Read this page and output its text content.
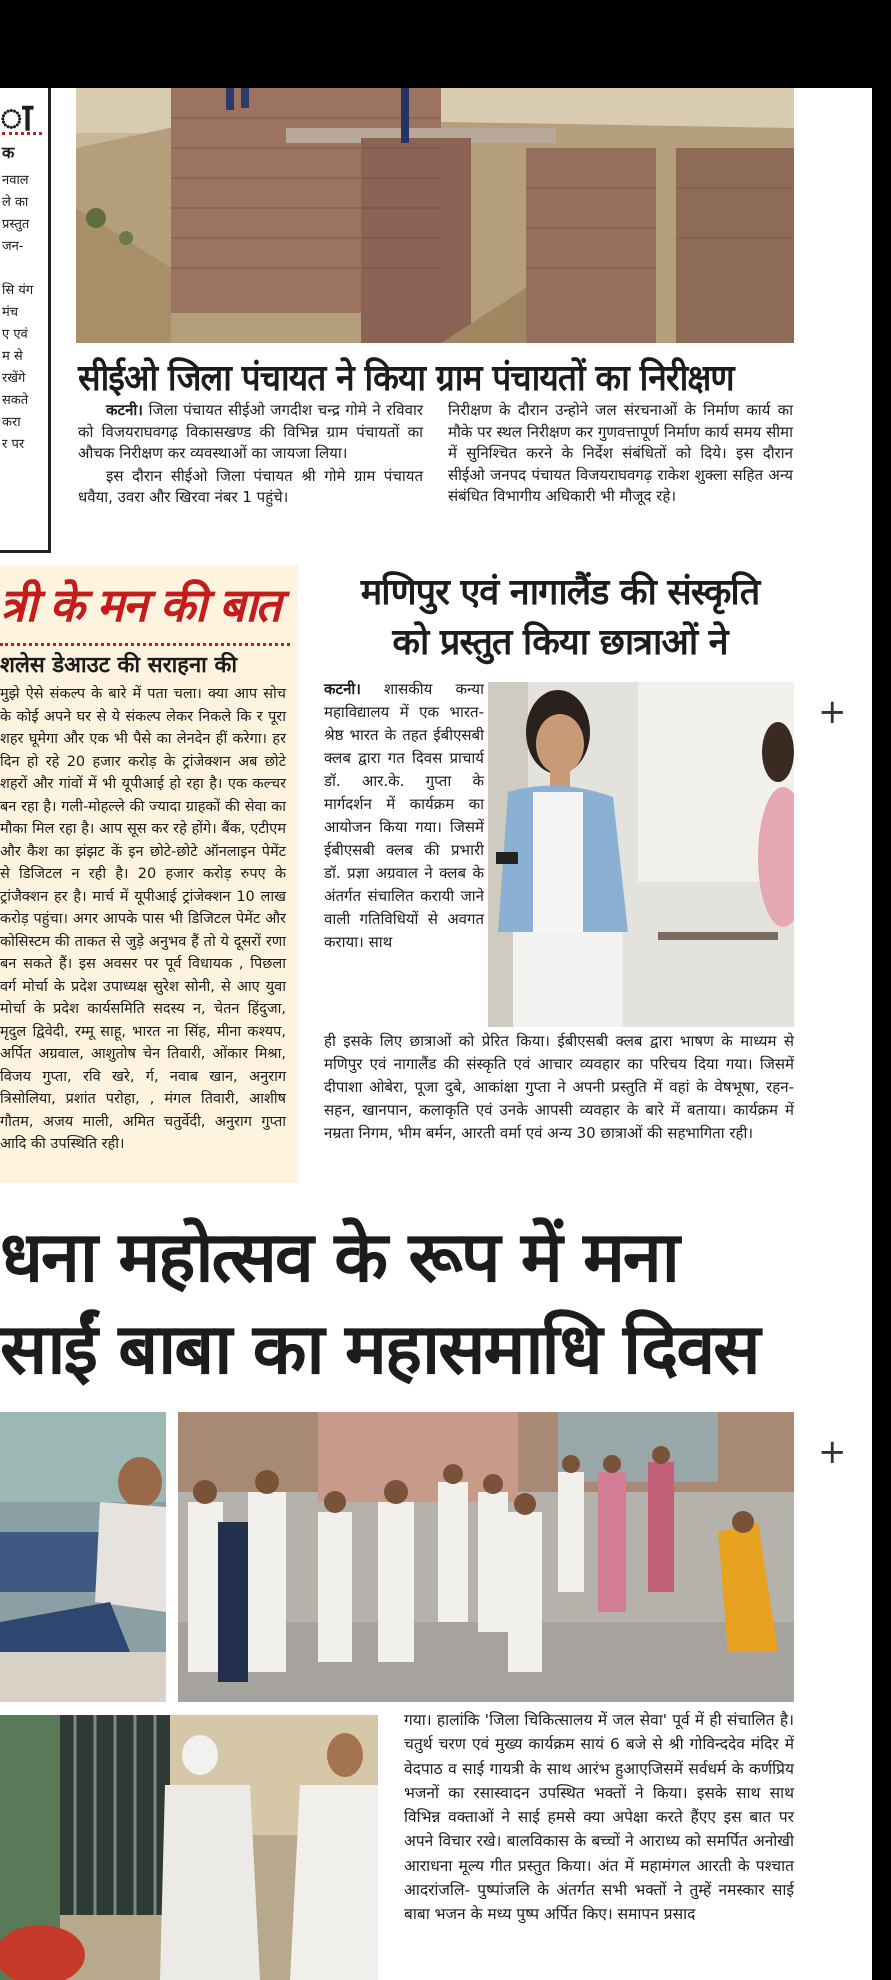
ा
क
नवाल
ले का
प्रस्तुत
जन-
सि यंग
मंच
ए एवं
म से
रखेंगे
सकते
करा
र पर
सीईओ जिला पंचायत ने किया ग्राम पंचायतों का निरीक्षण
कटनी। जिला पंचायत सीईओ जगदीश चन्द्र गोमे ने रविवार को विजयराघवगढ़ विकासखण्ड की विभिन्न ग्राम पंचायतों का औचक निरीक्षण कर व्यवस्थाओं का जायजा लिया।
इस दौरान सीईओ जिला पंचायत श्री गोमे ग्राम पंचायत धवैया, उवरा और खिरवा नंबर 1 पहुंचे।
निरीक्षण के दौरान उन्होने जल संरचनाओं के निर्माण कार्य का मौके पर स्थल निरीक्षण कर गुणवत्तापूर्ण निर्माण कार्य समय सीमा में सुनिश्चित करने के निर्देश संबंधितों को दिये। इस दौरान सीईओ जनपद पंचायत विजयराघवगढ़ राकेश शुक्ला सहित अन्य संबंधित विभागीय अधिकारी भी मौजूद रहे।
त्री के मन की बात
शलेस डेआउट की सराहना की
मुझे ऐसे संकल्प के बारे में पता चला। क्या आप सोच के कोई अपने घर से ये संकल्प लेकर निकले कि र पूरा शहर घूमेगा और एक भी पैसे का लेनदेन हीं करेगा। हर दिन हो रहे 20 हजार करोड़ के ट्रांजेक्शन अब छोटे शहरों और गांवों में भी यूपीआई हो रहा है। एक कल्चर बन रहा है। गली-मोहल्ले की ज्यादा ग्राहकों की सेवा का मौका मिल रहा है। आप सूस कर रहे होंगे। बैंक, एटीएम और कैश का झंझट कें इन छोटे-छोटे ऑनलाइन पेमेंट से डिजिटल न रही है। 20 हजार करोड़ रुपए के ट्रांजैक्शन हर है। मार्च में यूपीआई ट्रांजेक्शन 10 लाख करोड़ पहुंचा। अगर आपके पास भी डिजिटल पेमेंट और कोसिस्टम की ताकत से जुड़े अनुभव हैं तो ये दूसरों रणा बन सकते हैं। इस अवसर पर पूर्व विधायक , पिछला वर्ग मोर्चा के प्रदेश उपाध्यक्ष सुरेश सोनी, से आए युवा मोर्चा के प्रदेश कार्यसमिति सदस्य न, चेतन हिंदुजा, मृदुल द्विवेदी, रम्मू साहू, भारत ना सिंह, मीना कश्यप, अर्पित अग्रवाल, आशुतोष चेन तिवारी, ओंकार मिश्रा, विजय गुप्ता, रवि खरे, र्ग, नवाब खान, अनुराग त्रिसोलिया, प्रशांत परोहा, , मंगल तिवारी, आशीष गौतम, अजय माली, अमित चतुर्वेदी, अनुराग गुप्ता आदि की उपस्थिति रही।
मणिपुर एवं नागालैंड की संस्कृति
को प्रस्तुत किया छात्राओं ने
कटनी। शासकीय कन्या महाविद्यालय में एक भारत-श्रेष्ठ भारत के तहत ईबीएसबी क्लब द्वारा गत दिवस प्राचार्य डॉ. आर.के. गुप्ता के मार्गदर्शन में कार्यक्रम का आयोजन किया गया। जिसमें ईबीएसबी क्लब की प्रभारी डॉ. प्रज्ञा अग्रवाल ने क्लब के अंतर्गत संचालित करायी जाने वाली गतिविधियों से अवगत कराया। साथ
ही इसके लिए छात्राओं को प्रेरित किया। ईबीएसबी क्लब द्वारा भाषण के माध्यम से मणिपुर एवं नागालैंड की संस्कृति एवं आचार व्यवहार का परिचय दिया गया। जिसमें दीपाशा ओबेरा, पूजा दुबे, आकांक्षा गुप्ता ने अपनी प्रस्तुति में वहां के वेषभूषा, रहन-सहन, खानपान, कलाकृति एवं उनके आपसी व्यवहार के बारे में बताया। कार्यक्रम में नम्रता निगम, भीम बर्मन, आरती वर्मा एवं अन्य 30 छात्राओं की सहभागिता रही।
+
+
धना महोत्सव के रूप में मना
साईं बाबा का महासमाधि दिवस
गया। हालांकि 'जिला चिकित्सालय में जल सेवा' पूर्व में ही संचालित है। चतुर्थ चरण एवं मुख्य कार्यक्रम सायं 6 बजे से श्री गोविन्ददेव मंदिर में वेदपाठ व साई गायत्री के साथ आरंभ हुआएजिसमें सर्वधर्म के कर्णप्रिय भजनों का रसास्वादन उपस्थित भक्तों ने किया। इसके साथ साथ विभिन्न वक्ताओं ने साई हमसे क्या अपेक्षा करते हैंएए इस बात पर अपने विचार रखे। बालविकास के बच्चों ने आराध्य को समर्पित अनोखी आराधना मूल्य गीत प्रस्तुत किया। अंत में महामंगल आरती के पश्चात आदरांजलि- पुष्पांजलि के अंतर्गत सभी भक्तों ने तुम्हें नमस्कार साई बाबा भजन के मध्य पुष्प अर्पित किए। समापन प्रसाद
